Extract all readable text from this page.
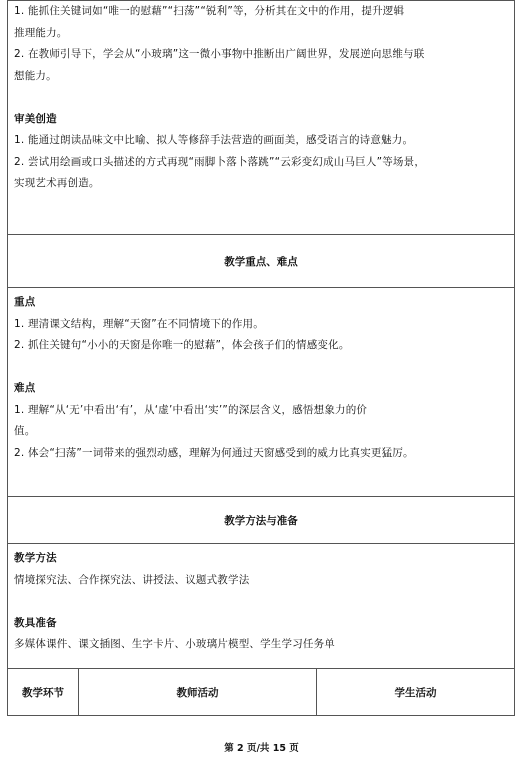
1. 能抓住关键词如“唯一的慰藉”“扫荡”“锐利”等，分析其在文中的作用，提升逻辑
推理能力。
2. 在教师引导下，学会从“小玻璃”这一微小事物中推断出广阔世界，发展逆向思维与联
想能力。
审美创造
1. 能通过朗读品味文中比喻、拟人等修辞手法营造的画面美，感受语言的诗意魅力。
2. 尝试用绘画或口头描述的方式再现“雨脚卜落卜落跳”“云彩变幻成山马巨人”等场景，
实现艺术再创造。

教学重点、难点

重点
1. 理清课文结构，理解“天窗”在不同情境下的作用。
2. 抓住关键句“小小的天窗是你唯一的慰藉”，体会孩子们的情感变化。
难点
1. 理解“从‘无’中看出‘有’，从‘虚’中看出‘实’”的深层含义，感悟想象力的价
值。
2. 体会“扫荡”一词带来的强烈动感，理解为何通过天窗感受到的威力比真实更猛厉。

教学方法与准备

教学方法
情境探究法、合作探究法、讲授法、议题式教学法
教具准备
多媒体课件、课文插图、生字卡片、小玻璃片模型、学生学习任务单

教学环节	教师活动	学生活动
第 2 页/共 15 页
